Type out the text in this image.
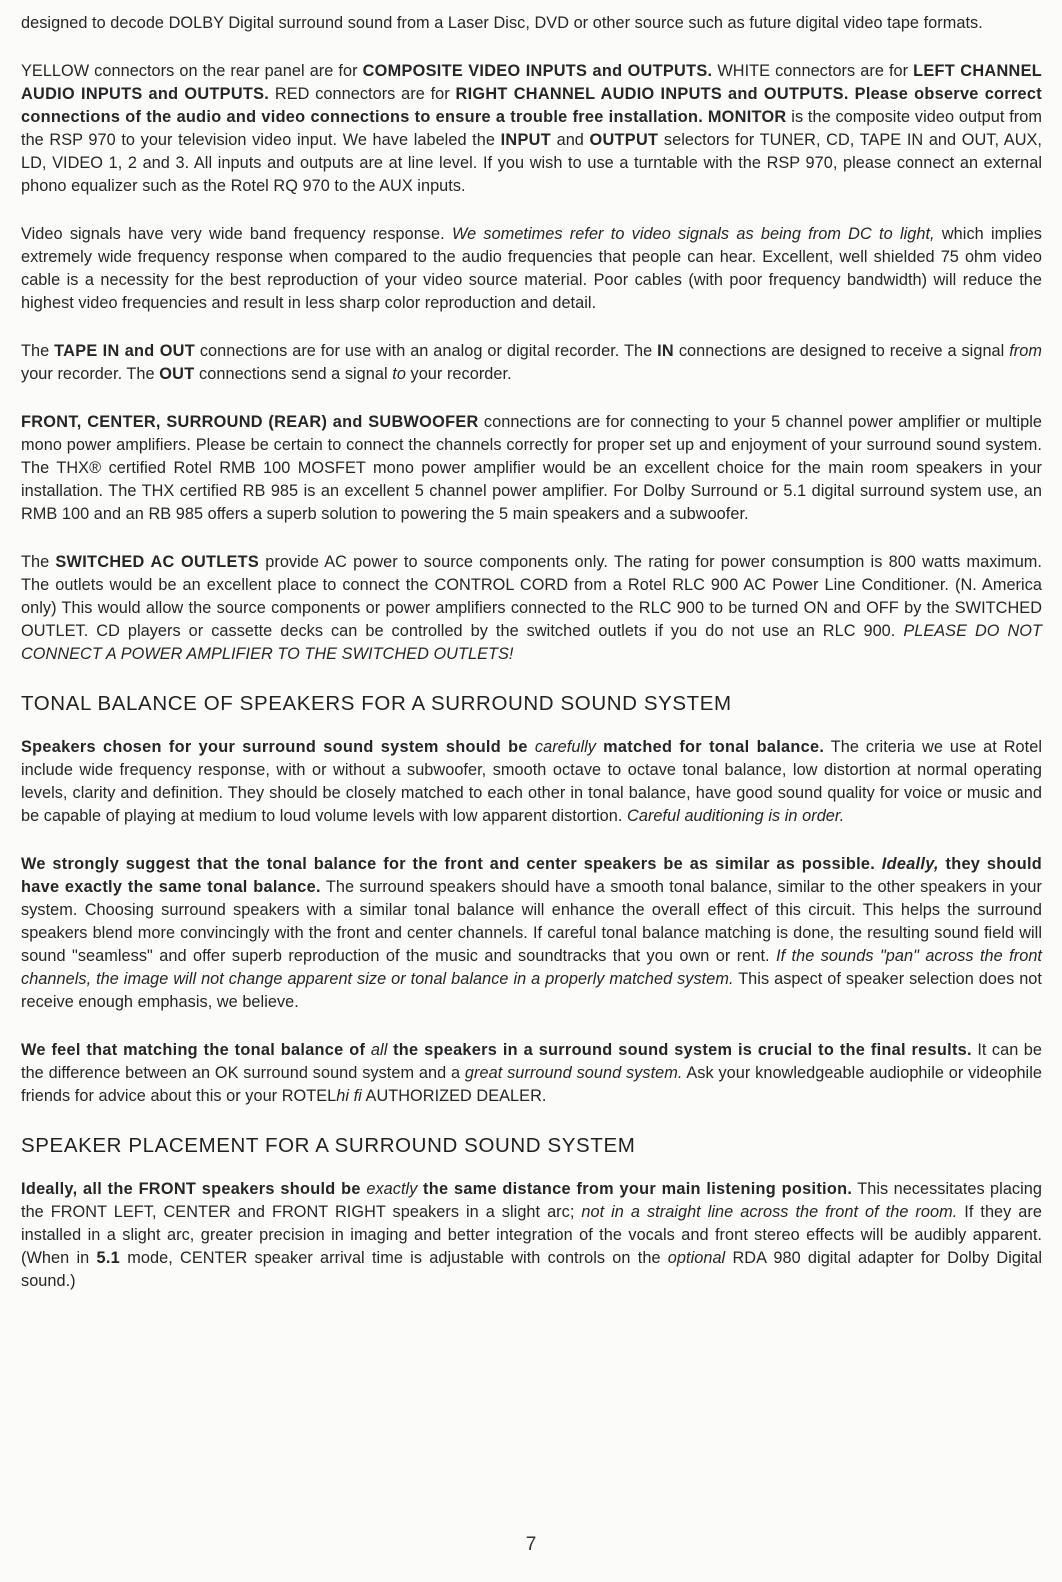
designed to decode DOLBY Digital surround sound from a Laser Disc, DVD or other source such as future digital video tape formats.

YELLOW connectors on the rear panel are for COMPOSITE VIDEO INPUTS and OUTPUTS. WHITE connectors are for LEFT CHANNEL AUDIO INPUTS and OUTPUTS. RED connectors are for RIGHT CHANNEL AUDIO INPUTS and OUTPUTS. Please observe correct connections of the audio and video connections to ensure a trouble free installation. MONITOR is the composite video output from the RSP 970 to your television video input. We have labeled the INPUT and OUTPUT selectors for TUNER, CD, TAPE IN and OUT, AUX, LD, VIDEO 1, 2 and 3. All inputs and outputs are at line level. If you wish to use a turntable with the RSP 970, please connect an external phono equalizer such as the Rotel RQ 970 to the AUX inputs.

Video signals have very wide band frequency response. We sometimes refer to video signals as being from DC to light, which implies extremely wide frequency response when compared to the audio frequencies that people can hear. Excellent, well shielded 75 ohm video cable is a necessity for the best reproduction of your video source material. Poor cables (with poor frequency bandwidth) will reduce the highest video frequencies and result in less sharp color reproduction and detail.

The TAPE IN and OUT connections are for use with an analog or digital recorder. The IN connections are designed to receive a signal from your recorder. The OUT connections send a signal to your recorder.

FRONT, CENTER, SURROUND (REAR) and SUBWOOFER connections are for connecting to your 5 channel power amplifier or multiple mono power amplifiers. Please be certain to connect the channels correctly for proper set up and enjoyment of your surround sound system. The THX® certified Rotel RMB 100 MOSFET mono power amplifier would be an excellent choice for the main room speakers in your installation. The THX certified RB 985 is an excellent 5 channel power amplifier. For Dolby Surround or 5.1 digital surround system use, an RMB 100 and an RB 985 offers a superb solution to powering the 5 main speakers and a subwoofer.

The SWITCHED AC OUTLETS provide AC power to source components only. The rating for power consumption is 800 watts maximum. The outlets would be an excellent place to connect the CONTROL CORD from a Rotel RLC 900 AC Power Line Conditioner. (N. America only) This would allow the source components or power amplifiers connected to the RLC 900 to be turned ON and OFF by the SWITCHED OUTLET. CD players or cassette decks can be controlled by the switched outlets if you do not use an RLC 900. PLEASE DO NOT CONNECT A POWER AMPLIFIER TO THE SWITCHED OUTLETS!

TONAL BALANCE OF SPEAKERS FOR A SURROUND SOUND SYSTEM

Speakers chosen for your surround sound system should be carefully matched for tonal balance. The criteria we use at Rotel include wide frequency response, with or without a subwoofer, smooth octave to octave tonal balance, low distortion at normal operating levels, clarity and definition. They should be closely matched to each other in tonal balance, have good sound quality for voice or music and be capable of playing at medium to loud volume levels with low apparent distortion. Careful auditioning is in order.

We strongly suggest that the tonal balance for the front and center speakers be as similar as possible. Ideally, they should have exactly the same tonal balance. The surround speakers should have a smooth tonal balance, similar to the other speakers in your system. Choosing surround speakers with a similar tonal balance will enhance the overall effect of this circuit. This helps the surround speakers blend more convincingly with the front and center channels. If careful tonal balance matching is done, the resulting sound field will sound "seamless" and offer superb reproduction of the music and soundtracks that you own or rent. If the sounds "pan" across the front channels, the image will not change apparent size or tonal balance in a properly matched system. This aspect of speaker selection does not receive enough emphasis, we believe.

We feel that matching the tonal balance of all the speakers in a surround sound system is crucial to the final results. It can be the difference between an OK surround sound system and a great surround sound system. Ask your knowledgeable audiophile or videophile friends for advice about this or your ROTELhi fi AUTHORIZED DEALER.

SPEAKER PLACEMENT FOR A SURROUND SOUND SYSTEM

Ideally, all the FRONT speakers should be exactly the same distance from your main listening position. This necessitates placing the FRONT LEFT, CENTER and FRONT RIGHT speakers in a slight arc; not in a straight line across the front of the room. If they are installed in a slight arc, greater precision in imaging and better integration of the vocals and front stereo effects will be audibly apparent. (When in 5.1 mode, CENTER speaker arrival time is adjustable with controls on the optional RDA 980 digital adapter for Dolby Digital sound.)

7
